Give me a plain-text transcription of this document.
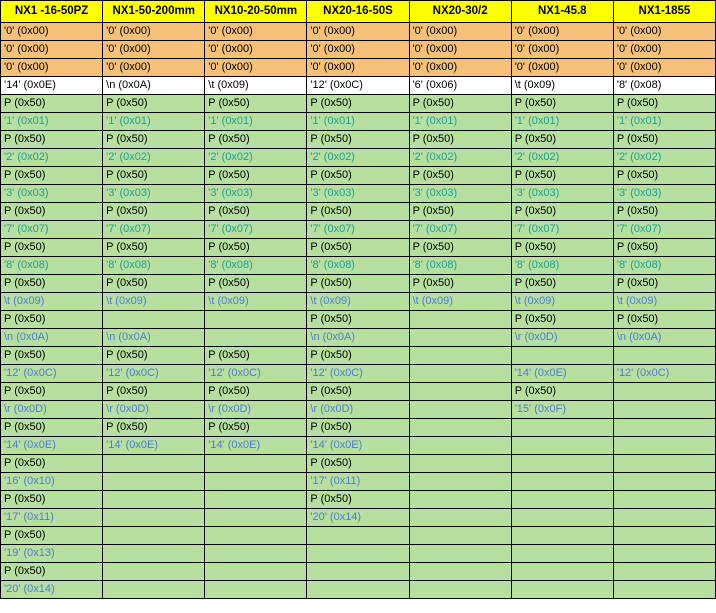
NX1 -16-50PZ	NX1-50-200mm	NX10-20-50mm	NX20-16-50S	NX20-30/2	NX1-45.8	NX1-1855
'0' (0x00)	'0' (0x00)	'0' (0x00)	'0' (0x00)	'0' (0x00)	'0' (0x00)	'0' (0x00)
'0' (0x00)	'0' (0x00)	'0' (0x00)	'0' (0x00)	'0' (0x00)	'0' (0x00)	'0' (0x00)
'0' (0x00)	'0' (0x00)	'0' (0x00)	'0' (0x00)	'0' (0x00)	'0' (0x00)	'0' (0x00)
'14' (0x0E)	\n (0x0A)	\t (0x09)	'12' (0x0C)	'6' (0x06)	\t (0x09)	'8' (0x08)
P (0x50)	P (0x50)	P (0x50)	P (0x50)	P (0x50)	P (0x50)	P (0x50)
'1' (0x01)	'1' (0x01)	'1' (0x01)	'1' (0x01)	'1' (0x01)	'1' (0x01)	'1' (0x01)
P (0x50)	P (0x50)	P (0x50)	P (0x50)	P (0x50)	P (0x50)	P (0x50)
'2' (0x02)	'2' (0x02)	'2' (0x02)	'2' (0x02)	'2' (0x02)	'2' (0x02)	'2' (0x02)
P (0x50)	P (0x50)	P (0x50)	P (0x50)	P (0x50)	P (0x50)	P (0x50)
'3' (0x03)	'3' (0x03)	'3' (0x03)	'3' (0x03)	'3' (0x03)	'3' (0x03)	'3' (0x03)
P (0x50)	P (0x50)	P (0x50)	P (0x50)	P (0x50)	P (0x50)	P (0x50)
'7' (0x07)	'7' (0x07)	'7' (0x07)	'7' (0x07)	'7' (0x07)	'7' (0x07)	'7' (0x07)
P (0x50)	P (0x50)	P (0x50)	P (0x50)	P (0x50)	P (0x50)	P (0x50)
'8' (0x08)	'8' (0x08)	'8' (0x08)	'8' (0x08)	'8' (0x08)	'8' (0x08)	'8' (0x08)
P (0x50)	P (0x50)	P (0x50)	P (0x50)	P (0x50)	P (0x50)	P (0x50)
\t (0x09)	\t (0x09)	\t (0x09)	\t (0x09)	\t (0x09)	\t (0x09)	\t (0x09)
P (0x50)			P (0x50)		P (0x50)	P (0x50)
\n (0x0A)	\n (0x0A)		\n (0x0A)		\r (0x0D)	\n (0x0A)
P (0x50)	P (0x50)	P (0x50)	P (0x50)			
'12' (0x0C)	'12' (0x0C)	'12' (0x0C)	'12' (0x0C)		'14' (0x0E)	'12' (0x0C)
P (0x50)	P (0x50)	P (0x50)	P (0x50)		P (0x50)	
\r (0x0D)	\r (0x0D)	\r (0x0D)	\r (0x0D)		'15' (0x0F)	
P (0x50)	P (0x50)	P (0x50)	P (0x50)			
'14' (0x0E)	'14' (0x0E)	'14' (0x0E)	'14' (0x0E)			
P (0x50)			P (0x50)			
'16' (0x10)			'17' (0x11)			
P (0x50)			P (0x50)			
'17' (0x11)			'20' (0x14)			
P (0x50)						
'19' (0x13)						
P (0x50)						
'20' (0x14)						
